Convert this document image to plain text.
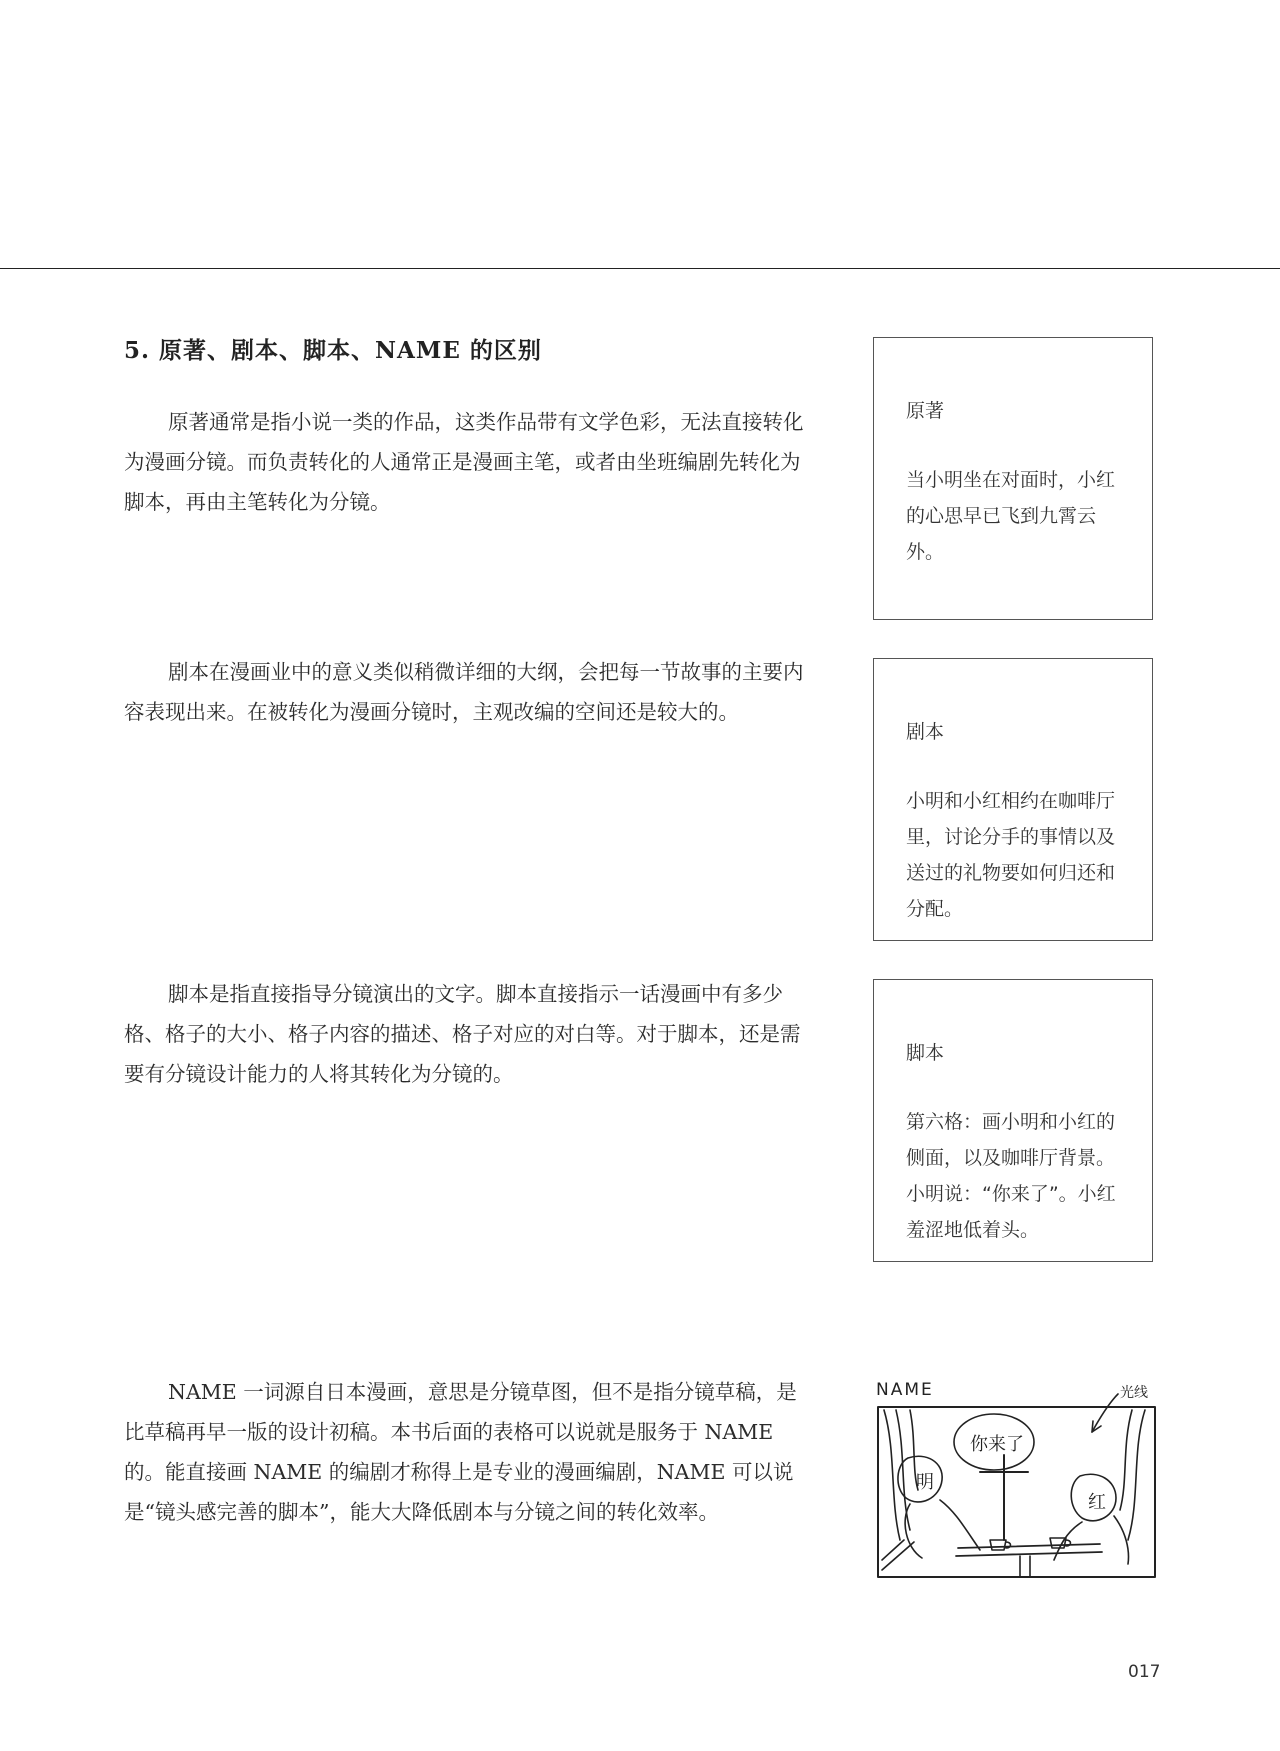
5. 原著、剧本、脚本、NAME 的区别

原著通常是指小说一类的作品，这类作品带有文学色彩，无法直接转化为漫画分镜。而负责转化的人通常正是漫画主笔，或者由坐班编剧先转化为脚本，再由主笔转化为分镜。

剧本在漫画业中的意义类似稍微详细的大纲，会把每一节故事的主要内容表现出来。在被转化为漫画分镜时，主观改编的空间还是较大的。

脚本是指直接指导分镜演出的文字。脚本直接指示一话漫画中有多少格、格子的大小、格子内容的描述、格子对应的对白等。对于脚本，还是需要有分镜设计能力的人将其转化为分镜的。

NAME 一词源自日本漫画，意思是分镜草图，但不是指分镜草稿，是比草稿再早一版的设计初稿。本书后面的表格可以说就是服务于 NAME 的。能直接画 NAME 的编剧才称得上是专业的漫画编剧，NAME 可以说是“镜头感完善的脚本”，能大大降低剧本与分镜之间的转化效率。

原著
当小明坐在对面时，小红的心思早已飞到九霄云外。
剧本
小明和小红相约在咖啡厅里，讨论分手的事情以及送过的礼物要如何归还和分配。
脚本
第六格：画小明和小红的侧面，以及咖啡厅背景。小明说：“你来了”。小红羞涩地低着头。
NAME	光线
你来了
明
红
017
